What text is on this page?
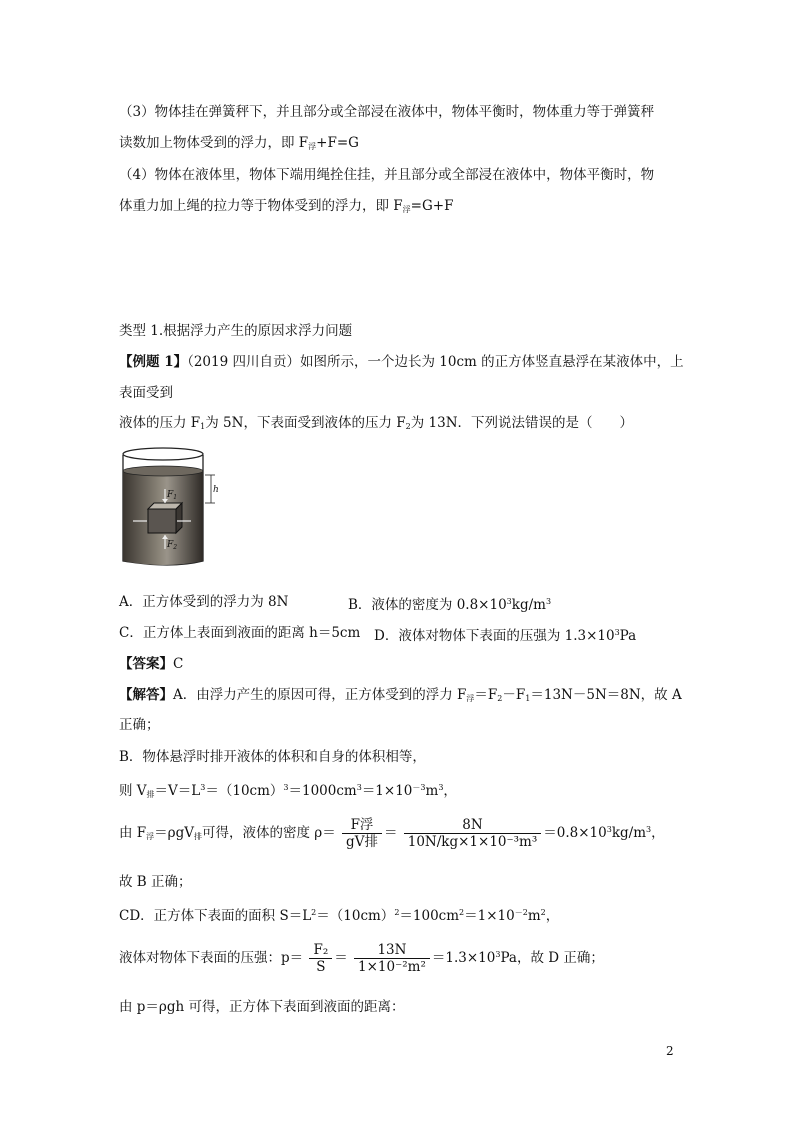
（3）物体挂在弹簧秤下，并且部分或全部浸在液体中，物体平衡时，物体重力等于弹簧秤
读数加上物体受到的浮力，即 $F_浮+F=G$
（4）物体在液体里，物体下端用绳拴住挂，并且部分或全部浸在液体中，物体平衡时，物
体重力加上绳的拉力等于物体受到的浮力，即 $F_浮=G+F$
类型 1.根据浮力产生的原因求浮力问题
【例题 1】（2019 四川自贡）如图所示，一个边长为 10cm 的正方体竖直悬浮在某液体中，上
表面受到
液体的压力 $F_1$为 5N，下表面受到液体的压力 $F_2$为 13N．下列说法错误的是（　　）
$F_1$
$F_2$
h
A．正方体受到的浮力为 8N	B．液体的密度为 $0.8\times 10^3kg/m^3$
C．正方体上表面到液面的距离 h＝5cm D．液体对物体下表面的压强为 $1.3\times 10^3Pa$
【答案】C
【解答】A．由浮力产生的原因可得，正方体受到的浮力 $F_浮=F_2-F_1=13N-5N=8N$，故 A
正确；
B．物体悬浮时排开液体的体积和自身的体积相等，
则 $V_排=V=L^3=(10cm)^3=1000cm^3=1\times 10^{-3}m^3$，
由 $F_浮=\rho gV_排$可得，液体的密度 $\rho= \frac{\text{F浮}}{\text{gV排}} = \frac{8N}{\text{10N/kg×1×10⁻³m³}} =0.8\times 10^3kg/m^3$，
故 B 正确；
CD．正方体下表面的面积 $S=L^2=(10cm)^2=100cm^2=1\times 10^{-2}m^2$，
液体对物体下表面的压强：$p= \frac{\text{F₂}}{S} = \frac{13N}{\text{1×10⁻²m²}} =1.3\times 10^3Pa$，故 D 正确；
由 p＝ρgh 可得，正方体下表面到液面的距离：
2
